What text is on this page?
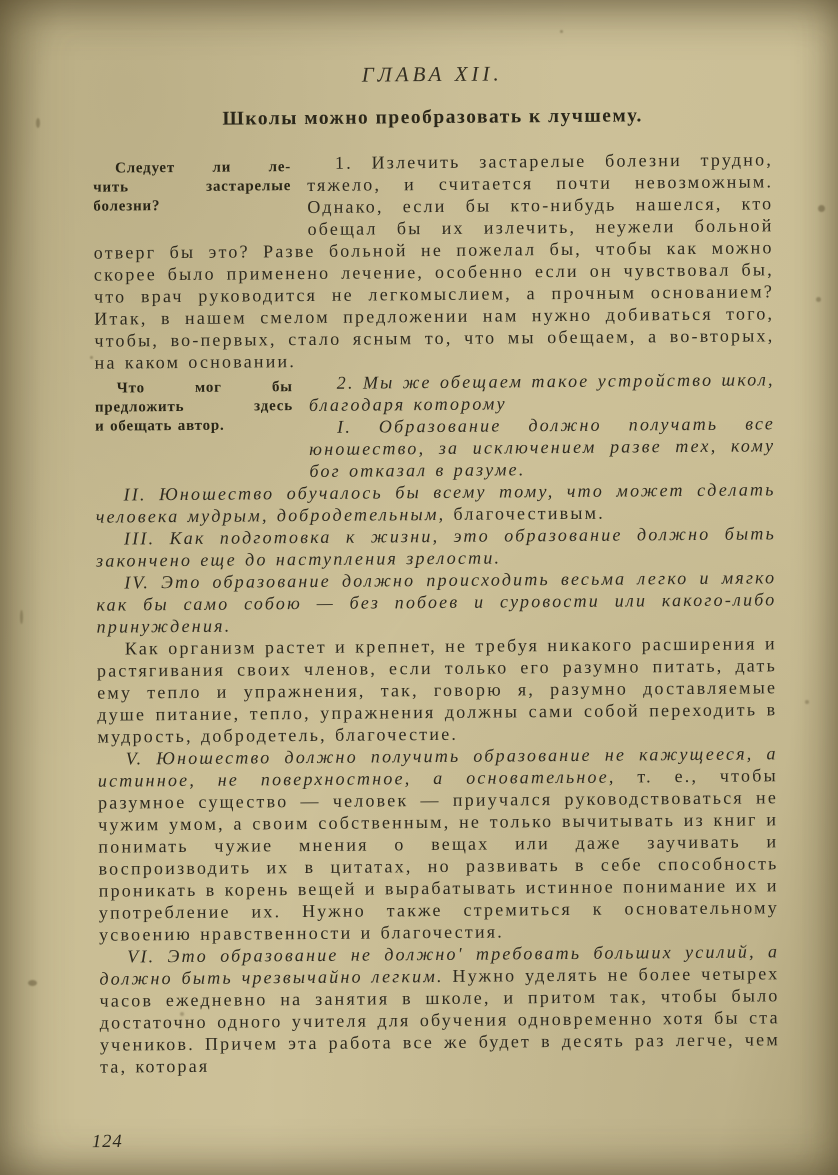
ГЛАВА XII.
Школы можно преобразовать к лучшему.
Следует ли ле-
чить застарелые
болезни?

1. Излечить застарелые болезни трудно, тяжело, и считается почти невозможным. Однако, если бы кто-нибудь нашелся, кто обещал бы их излечить, неужели больной отверг бы это? Разве больной не пожелал бы, чтобы как можно скорее было применено лечение, особенно если он чувствовал бы, что врач руководится не легкомыслием, а прочным основанием? Итак, в нашем смелом предложении нам нужно добиваться того, чтобы, во-первых, стало ясным то, что мы обещаем, а во-вторых, на каком основании.

Что мог бы
предложить здесь
и обещать автор.

2. Мы же обещаем такое устройство школ, благодаря которому

I. Образование должно получать все юношество, за исключением разве тех, кому бог отказал в разуме.

II. Юношество обучалось бы всему тому, что может сделать человека мудрым, добродетельным, благочестивым.

III. Как подготовка к жизни, это образование должно быть закончено еще до наступления зрелости.

IV. Это образование должно происходить весьма легко и мягко как бы само собою — без побоев и суровости или какого-либо принуждения.

Как организм растет и крепнет, не требуя никакого расширения и растягивания своих членов, если только его разумно питать, дать ему тепло и упражнения, так, говорю я, разумно доставляемые душе питание, тепло, упражнения должны сами собой переходить в мудрость, добродетель, благочестие.

V. Юношество должно получить образование не кажущееся, а истинное, не поверхностное, а основательное, т. е., чтобы разумное существо — человек — приучался руководствоваться не чужим умом, а своим собственным, не только вычитывать из книг и понимать чужие мнения о вещах или даже заучивать и воспроизводить их в цитатах, но развивать в себе способность проникать в корень вещей и вырабатывать истинное понимание их и употребление их. Нужно также стремиться к основательному усвоению нравственности и благочестия.

VI. Это образование не должно' требовать больших усилий, а должно быть чрезвычайно легким. Нужно уделять не более четырех часов ежедневно на занятия в школе, и притом так, чтобы было достаточно одного учителя для обучения одновременно хотя бы ста учеников. Причем эта работа все же будет в десять раз легче, чем та, которая

124
